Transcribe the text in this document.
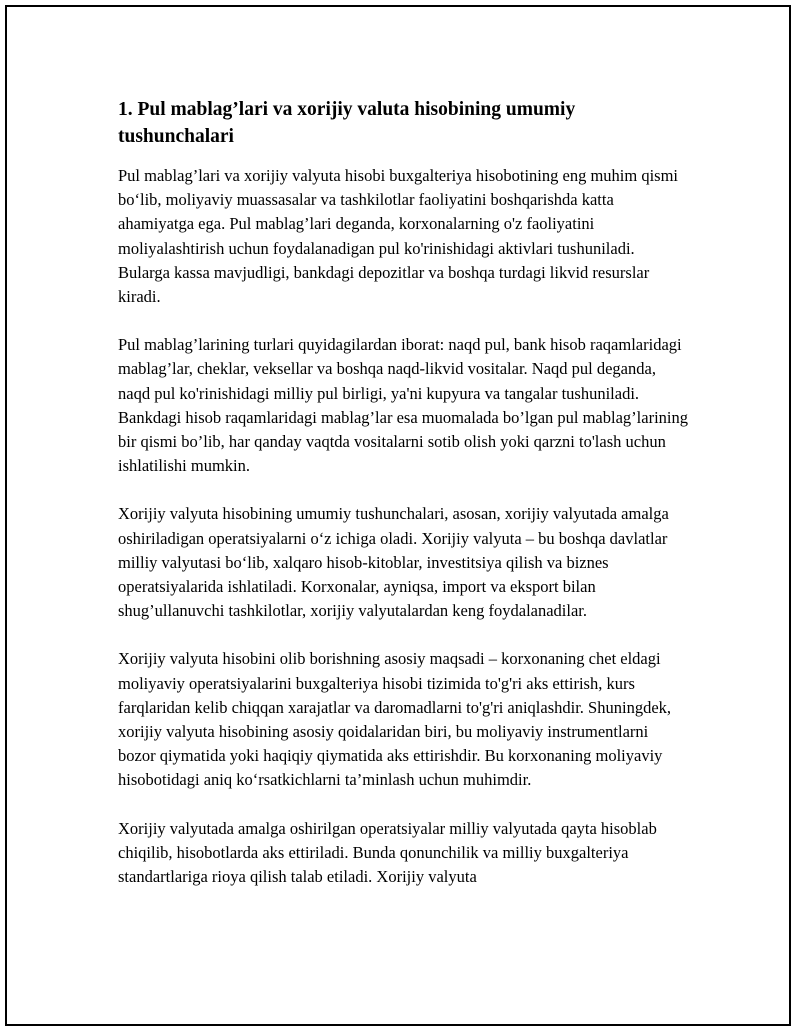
1. Pul mablag’lari va xorijiy valuta hisobining umumiy tushunchalari

Pul mablag’lari va xorijiy valyuta hisobi buxgalteriya hisobotining eng muhim qismi bo‘lib, moliyaviy muassasalar va tashkilotlar faoliyatini boshqarishda katta ahamiyatga ega. Pul mablag’lari deganda, korxonalarning o'z faoliyatini moliyalashtirish uchun foydalanadigan pul ko'rinishidagi aktivlari tushuniladi. Bularga kassa mavjudligi, bankdagi depozitlar va boshqa turdagi likvid resurslar kiradi.

Pul mablag’larining turlari quyidagilardan iborat: naqd pul, bank hisob raqamlaridagi mablag’lar, cheklar, veksellar va boshqa naqd-likvid vositalar. Naqd pul deganda, naqd pul ko'rinishidagi milliy pul birligi, ya'ni kupyura va tangalar tushuniladi. Bankdagi hisob raqamlaridagi mablag’lar esa muomalada bo’lgan pul mablag’larining bir qismi bo’lib, har qanday vaqtda vositalarni sotib olish yoki qarzni to'lash uchun ishlatilishi mumkin.

Xorijiy valyuta hisobining umumiy tushunchalari, asosan, xorijiy valyutada amalga oshiriladigan operatsiyalarni o‘z ichiga oladi. Xorijiy valyuta – bu boshqa davlatlar milliy valyutasi bo‘lib, xalqaro hisob-kitoblar, investitsiya qilish va biznes operatsiyalarida ishlatiladi. Korxonalar, ayniqsa, import va eksport bilan shug’ullanuvchi tashkilotlar, xorijiy valyutalardan keng foydalanadilar.

Xorijiy valyuta hisobini olib borishning asosiy maqsadi – korxonaning chet eldagi moliyaviy operatsiyalarini buxgalteriya hisobi tizimida to'g'ri aks ettirish, kurs farqlaridan kelib chiqqan xarajatlar va daromadlarni to'g'ri aniqlashdir. Shuningdek, xorijiy valyuta hisobining asosiy qoidalaridan biri, bu moliyaviy instrumentlarni bozor qiymatida yoki haqiqiy qiymatida aks ettirishdir. Bu korxonaning moliyaviy hisobotidagi aniq ko‘rsatkichlarni ta’minlash uchun muhimdir.

Xorijiy valyutada amalga oshirilgan operatsiyalar milliy valyutada qayta hisoblab chiqilib, hisobotlarda aks ettiriladi. Bunda qonunchilik va milliy buxgalteriya standartlariga rioya qilish talab etiladi. Xorijiy valyuta
